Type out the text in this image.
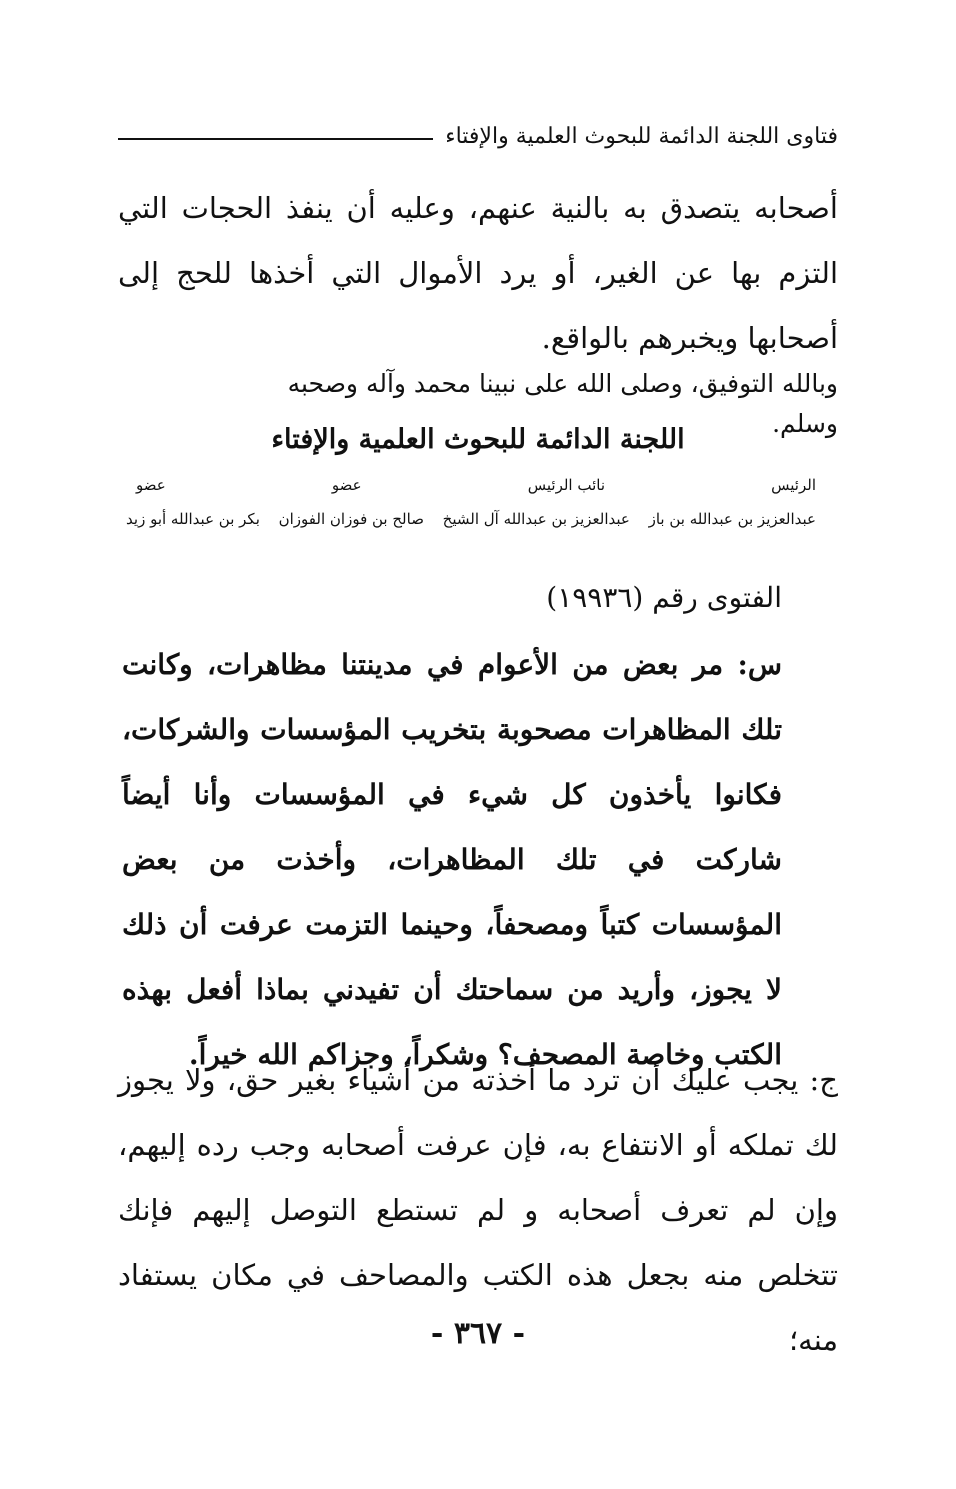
فتاوى اللجنة الدائمة للبحوث العلمية والإفتاء
أصحابه يتصدق به بالنية عنهم، وعليه أن ينفذ الحجات التي التزم بها عن الغير، أو يرد الأموال التي أخذها للحج إلى أصحابها ويخبرهم بالواقع.
وبالله التوفيق، وصلى الله على نبينا محمد وآله وصحبه وسلم.
اللجنة الدائمة للبحوث العلمية والإفتاء
الرئيس
نائب الرئيس
عضو
عضو
عبدالعزيز بن عبدالله بن باز
عبدالعزيز بن عبدالله آل الشيخ
صالح بن فوزان الفوزان
بكر بن عبدالله أبو زيد
الفتوى رقم (١٩٩٣٦)
س: مر بعض من الأعوام في مدينتنا مظاهرات، وكانت تلك المظاهرات مصحوبة بتخريب المؤسسات والشركات، فكانوا يأخذون كل شيء في المؤسسات وأنا أيضاً شاركت في تلك المظاهرات، وأخذت من بعض المؤسسات كتباً ومصحفاً، وحينما التزمت عرفت أن ذلك لا يجوز، وأريد من سماحتك أن تفيدني بماذا أفعل بهذه الكتب وخاصة المصحف؟ وشكراً، وجزاكم الله خيراً.
ج: يجب عليك أن ترد ما أخذته من أشياء بغير حق، ولا يجوز لك تملكه أو الانتفاع به، فإن عرفت أصحابه وجب رده إليهم، وإن لم تعرف أصحابه و لم تستطع التوصل إليهم فإنك تتخلص منه بجعل هذه الكتب والمصاحف في مكان يستفاد منه؛
- ٣٦٧ -
